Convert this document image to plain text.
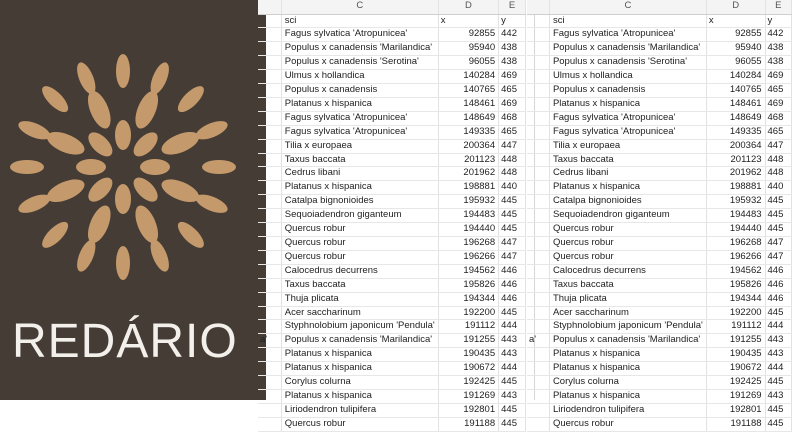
REDÁRIO
	C	D	E
	sci	x	y
	Fagus sylvatica 'Atropunicea'	92855	442
	Populus x canadensis 'Marilandica'	95940	438
	Populus x canadensis 'Serotina'	96055	438
	Ulmus x hollandica	140284	469
	Populus x canadensis	140765	465
	Platanus x hispanica	148461	469
	Fagus sylvatica 'Atropunicea'	148649	468
	Fagus sylvatica 'Atropunicea'	149335	465
	Tilia x europaea	200364	447
	Taxus baccata	201123	448
	Cedrus libani	201962	448
	Platanus x hispanica	198881	440
	Catalpa bignonioides	195932	445
	Sequoiadendron giganteum	194483	445
	Quercus robur	194440	445
	Quercus robur	196268	447
	Quercus robur	196266	447
	Calocedrus decurrens	194562	446
	Taxus baccata	195826	446
	Thuja plicata	194344	446
	Acer saccharinum	192200	445
	Styphnolobium japonicum 'Pendula'	191112	444
a'	Populus x canadensis 'Marilandica'	191255	443
	Platanus x hispanica	190435	443
	Platanus x hispanica	190672	444
	Corylus colurna	192425	445
	Platanus x hispanica	191269	443
	Liriodendron tulipifera	192801	445
	Quercus robur	191188	445
	C	D	E
	sci	x	y
	Fagus sylvatica 'Atropunicea'	92855	442
	Populus x canadensis 'Marilandica'	95940	438
	Populus x canadensis 'Serotina'	96055	438
	Ulmus x hollandica	140284	469
	Populus x canadensis	140765	465
	Platanus x hispanica	148461	469
	Fagus sylvatica 'Atropunicea'	148649	468
	Fagus sylvatica 'Atropunicea'	149335	465
	Tilia x europaea	200364	447
	Taxus baccata	201123	448
	Cedrus libani	201962	448
	Platanus x hispanica	198881	440
	Catalpa bignonioides	195932	445
	Sequoiadendron giganteum	194483	445
	Quercus robur	194440	445
	Quercus robur	196268	447
	Quercus robur	196266	447
	Calocedrus decurrens	194562	446
	Taxus baccata	195826	446
	Thuja plicata	194344	446
	Acer saccharinum	192200	445
	Styphnolobium japonicum 'Pendula'	191112	444
a'	Populus x canadensis 'Marilandica'	191255	443
	Platanus x hispanica	190435	443
	Platanus x hispanica	190672	444
	Corylus colurna	192425	445
	Platanus x hispanica	191269	443
	Liriodendron tulipifera	192801	445
	Quercus robur	191188	445
